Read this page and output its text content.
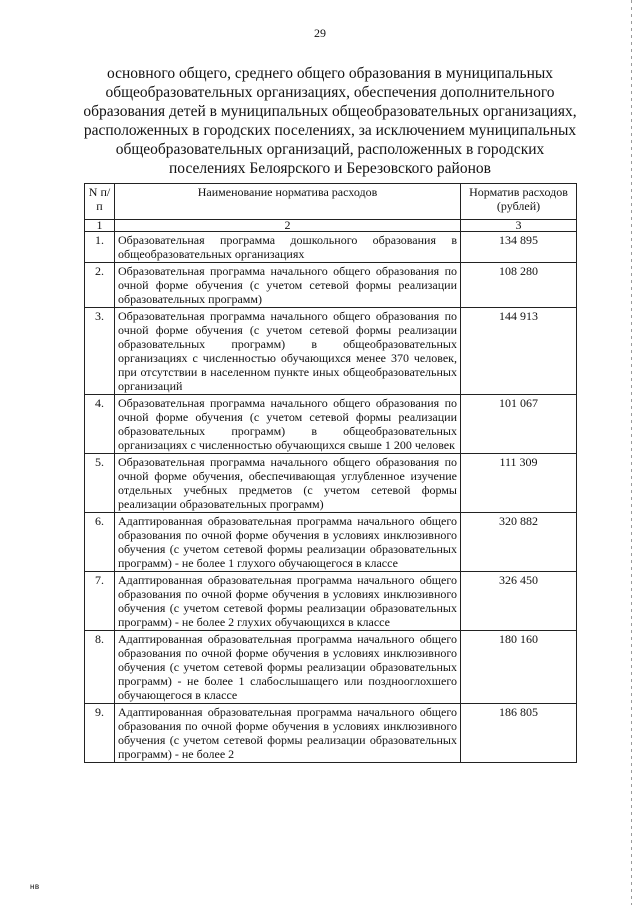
29
основного общего, среднего общего образования в муниципальных
общеобразовательных организациях, обеспечения дополнительного
образования детей в муниципальных общеобразовательных организациях,
расположенных в городских поселениях, за исключением муниципальных
общеобразовательных организаций, расположенных в городских
поселениях Белоярского и Березовского районов
N п/п	Наименование норматива расходов	Норматив расходов (рублей)
1	2	3
1.	Образовательная программа дошкольного образования в общеобразовательных организациях	134 895
2.	Образовательная программа начального общего образования по очной форме обучения (с учетом сетевой формы реализации образовательных программ)	108 280
3.	Образовательная программа начального общего образования по очной форме обучения (с учетом сетевой формы реализации образовательных программ) в общеобразовательных организациях с численностью обучающихся менее 370 человек, при отсутствии в населенном пункте иных общеобразовательных организаций	144 913
4.	Образовательная программа начального общего образования по очной форме обучения (с учетом сетевой формы реализации образовательных программ) в общеобразовательных организациях с численностью обучающихся свыше 1 200 человек	101 067
5.	Образовательная программа начального общего образования по очной форме обучения, обеспечивающая углубленное изучение отдельных учебных предметов (с учетом сетевой формы реализации образовательных программ)	111 309
6.	Адаптированная образовательная программа начального общего образования по очной форме обучения в условиях инклюзивного обучения (с учетом сетевой формы реализации образовательных программ) - не более 1 глухого обучающегося в классе	320 882
7.	Адаптированная образовательная программа начального общего образования по очной форме обучения в условиях инклюзивного обучения (с учетом сетевой формы реализации образовательных программ) - не более 2 глухих обучающихся в классе	326 450
8.	Адаптированная образовательная программа начального общего образования по очной форме обучения в условиях инклюзивного обучения (с учетом сетевой формы реализации образовательных программ) - не более 1 слабослышащего или позднооглохшего обучающегося в классе	180 160
9.	Адаптированная образовательная программа начального общего образования по очной форме обучения в условиях инклюзивного обучения (с учетом сетевой формы реализации образовательных программ) - не более 2	186 805
нв
